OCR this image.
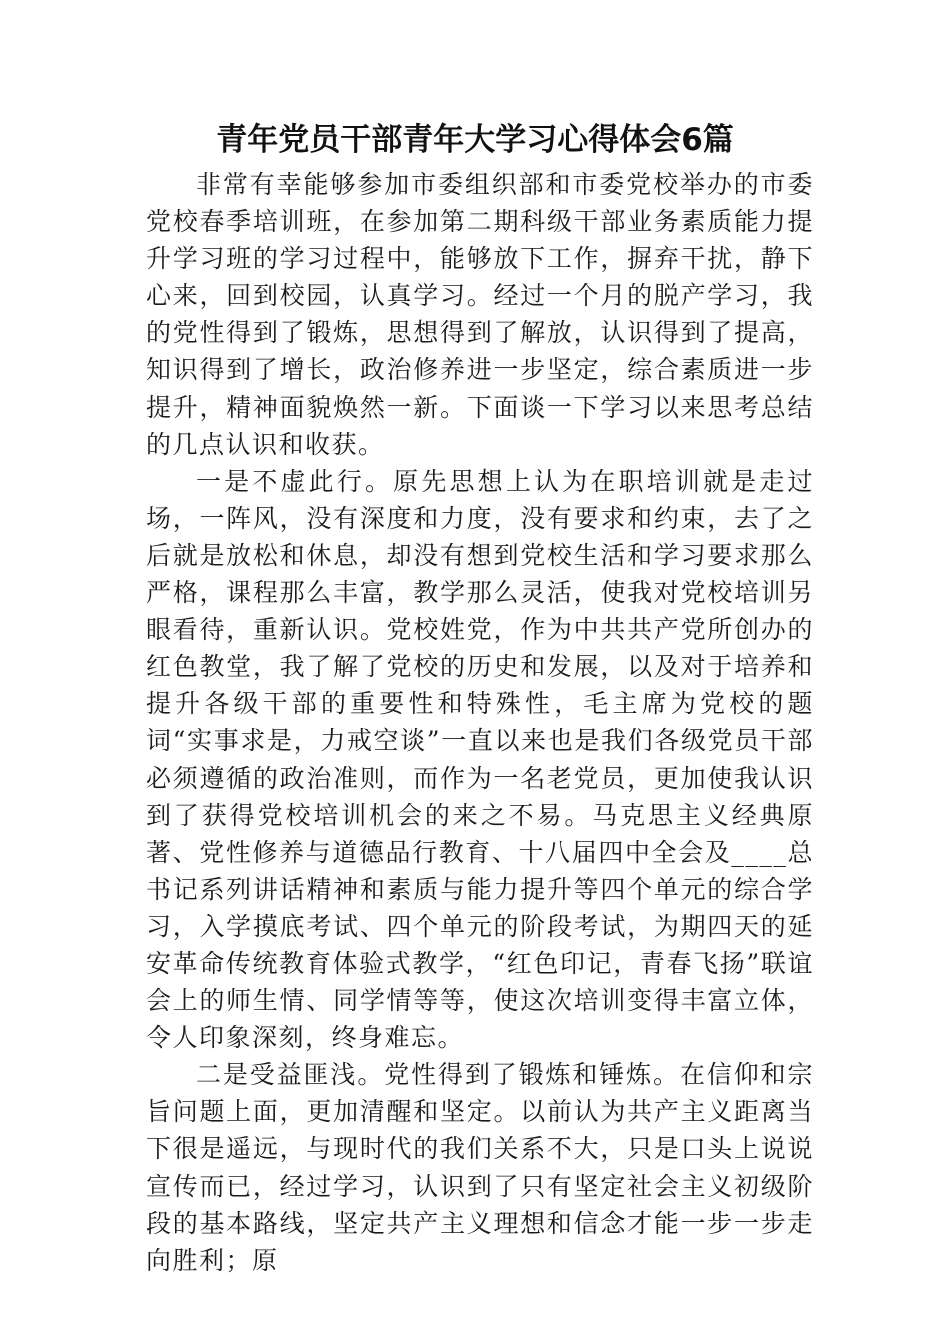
青年党员干部青年大学习心得体会6篇

非常有幸能够参加市委组织部和市委党校举办的市委党校春季培训班，在参加第二期科级干部业务素质能力提升学习班的学习过程中，能够放下工作，摒弃干扰，静下心来，回到校园，认真学习。经过一个月的脱产学习，我的党性得到了锻炼，思想得到了解放，认识得到了提高，知识得到了增长，政治修养进一步坚定，综合素质进一步提升，精神面貌焕然一新。下面谈一下学习以来思考总结的几点认识和收获。

一是不虚此行。原先思想上认为在职培训就是走过场，一阵风，没有深度和力度，没有要求和约束，去了之后就是放松和休息，却没有想到党校生活和学习要求那么严格，课程那么丰富，教学那么灵活，使我对党校培训另眼看待，重新认识。党校姓党，作为中共共产党所创办的红色教堂，我了解了党校的历史和发展，以及对于培养和提升各级干部的重要性和特殊性，毛主席为党校的题词“实事求是，力戒空谈”一直以来也是我们各级党员干部必须遵循的政治准则，而作为一名老党员，更加使我认识到了获得党校培训机会的来之不易。马克思主义经典原著、党性修养与道德品行教育、十八届四中全会及____总书记系列讲话精神和素质与能力提升等四个单元的综合学习，入学摸底考试、四个单元的阶段考试，为期四天的延安革命传统教育体验式教学，“红色印记，青春飞扬”联谊会上的师生情、同学情等等，使这次培训变得丰富立体，令人印象深刻，终身难忘。

二是受益匪浅。党性得到了锻炼和锤炼。在信仰和宗旨问题上面，更加清醒和坚定。以前认为共产主义距离当下很是遥远，与现时代的我们关系不大，只是口头上说说宣传而已，经过学习，认识到了只有坚定社会主义初级阶段的基本路线，坚定共产主义理想和信念才能一步一步走向胜利；原
